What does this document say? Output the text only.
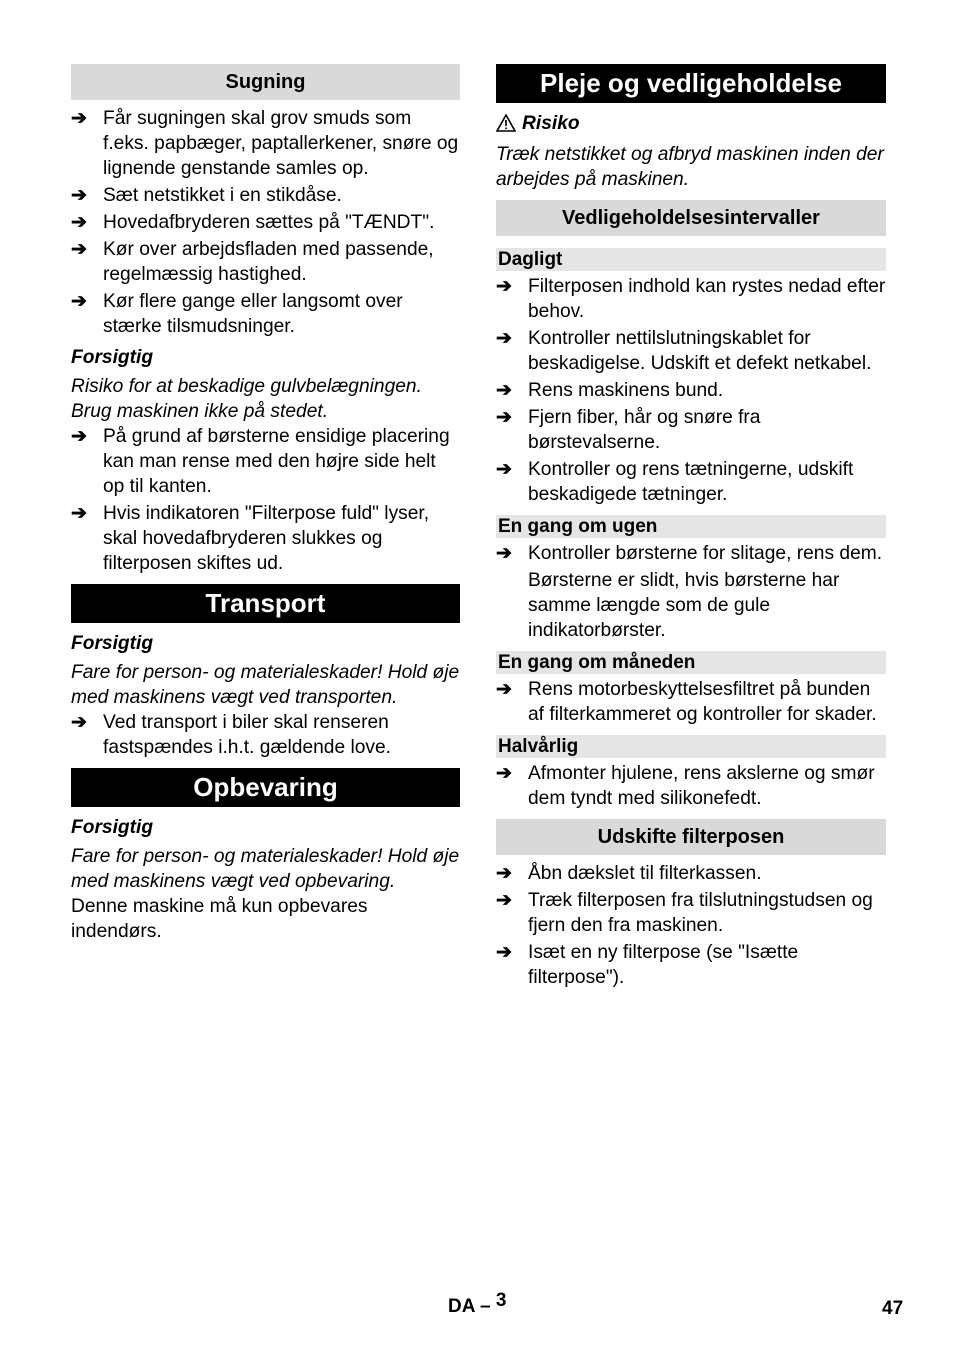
Sugning
➔ Får sugningen skal grov smuds som f.eks. papbæger, paptallerkener, snøre og lignende genstande samles op.
➔ Sæt netstikket i en stikdåse.
➔ Hovedafbryderen sættes på "TÆNDT".
➔ Kør over arbejdsfladen med passende, regelmæssig hastighed.
➔ Kør flere gange eller langsomt over stærke tilsmudsninger.

Forsigtig

Risiko for at beskadige gulvbelægningen. Brug maskinen ikke på stedet.

➔ På grund af børsterne ensidige placering kan man rense med den højre side helt op til kanten.
➔ Hvis indikatoren "Filterpose fuld" lyser, skal hovedafbryderen slukkes og filterposen skiftes ud.
Transport

Forsigtig

Fare for person- og materialeskader! Hold øje med maskinens vægt ved transporten.

➔ Ved transport i biler skal renseren fastspændes i.h.t. gældende love.
Opbevaring

Forsigtig

Fare for person- og materialeskader! Hold øje med maskinens vægt ved opbevaring.

Denne maskine må kun opbevares indendørs.

Pleje og vedligeholdelse

Risiko

Træk netstikket og afbryd maskinen inden der arbejdes på maskinen.

Vedligeholdelsesintervaller
Dagligt
➔ Filterposen indhold kan rystes nedad efter behov.
➔ Kontroller nettilslutningskablet for beskadigelse. Udskift et defekt netkabel.
➔ Rens maskinens bund.
➔ Fjern fiber, hår og snøre fra børstevalserne.
➔ Kontroller og rens tætningerne, udskift beskadigede tætninger.
En gang om ugen
➔ Kontroller børsterne for slitage, rens dem.

Børsterne er slidt, hvis børsterne har samme længde som de gule indikatorbørster.

En gang om måneden
➔ Rens motorbeskyttelsesfiltret på bunden af filterkammeret og kontroller for skader.
Halvårlig
➔ Afmonter hjulene, rens akslerne og smør dem tyndt med silikonefedt.
Udskifte filterposen
➔ Åbn dækslet til filterkassen.
➔ Træk filterposen fra tilslutningstudsen og fjern den fra maskinen.
➔ Isæt en ny filterpose (se "Isætte filterpose").
DA – 3	47
